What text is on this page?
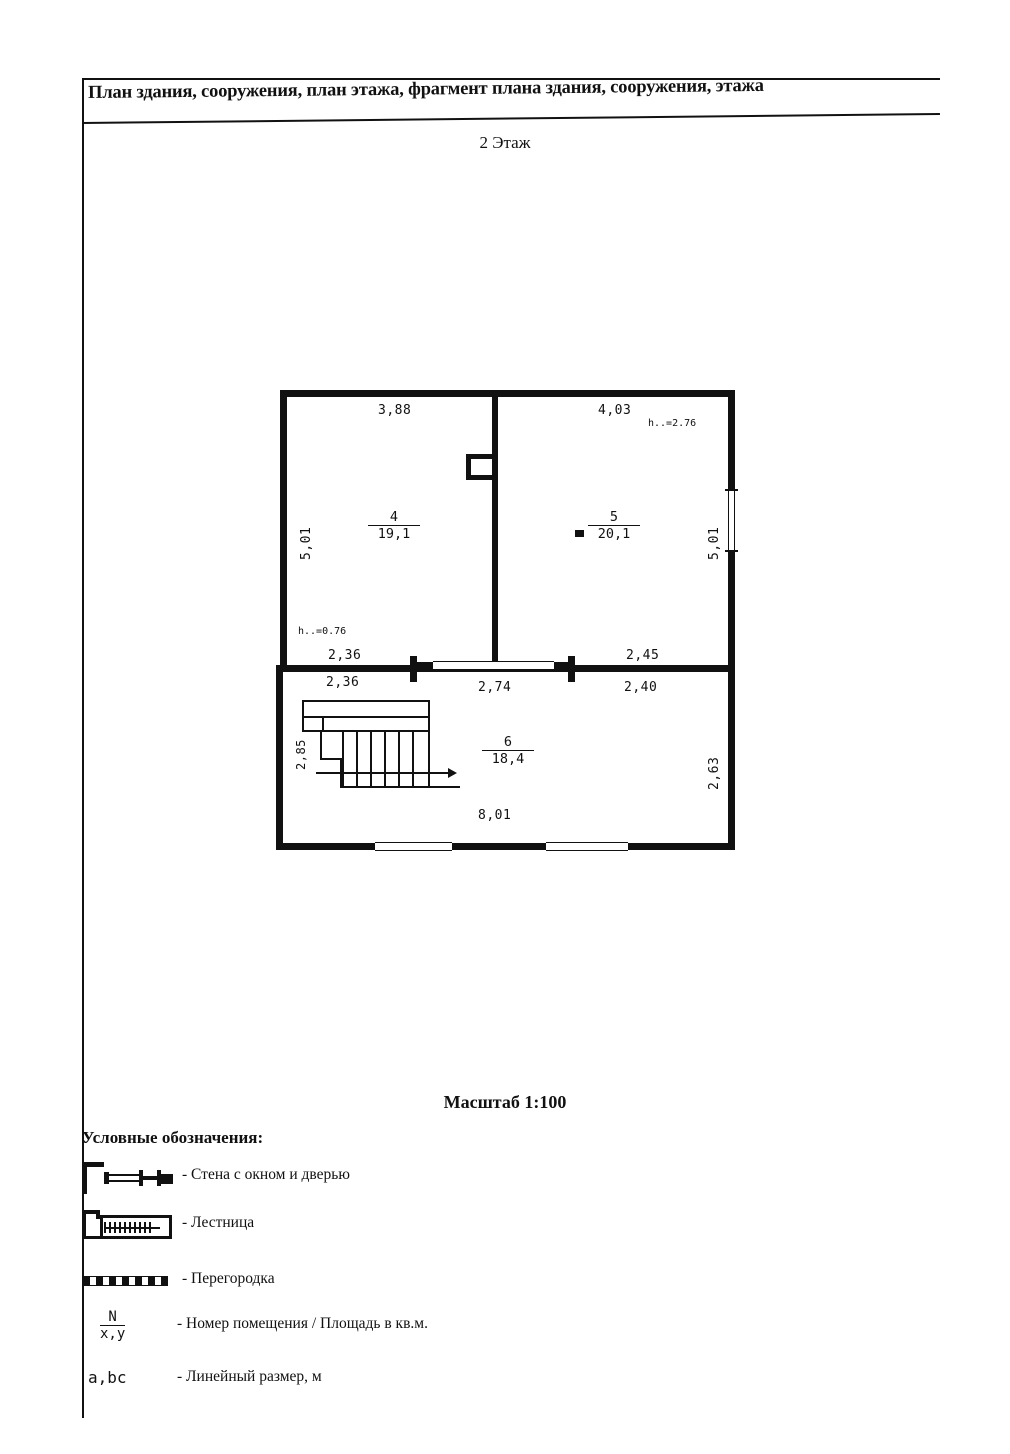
План здания, сооружения, план этажа, фрагмент плана здания, сооружения, этажа
2 Этаж
3,88	4,03
h..=2.76
5,01	5,01
h..=0.76
2,36	2,45
2,36	2,74	2,40
2,85
2,63
8,01
4
19,1
5
20,1
6
18,4
Масштаб 1:100
Условные обозначения:
- Стена с окном и дверью
- Лестница
- Перегородка
N
x,y
- Номер помещения / Площадь в кв.м.
a,bc	- Линейный размер, м
